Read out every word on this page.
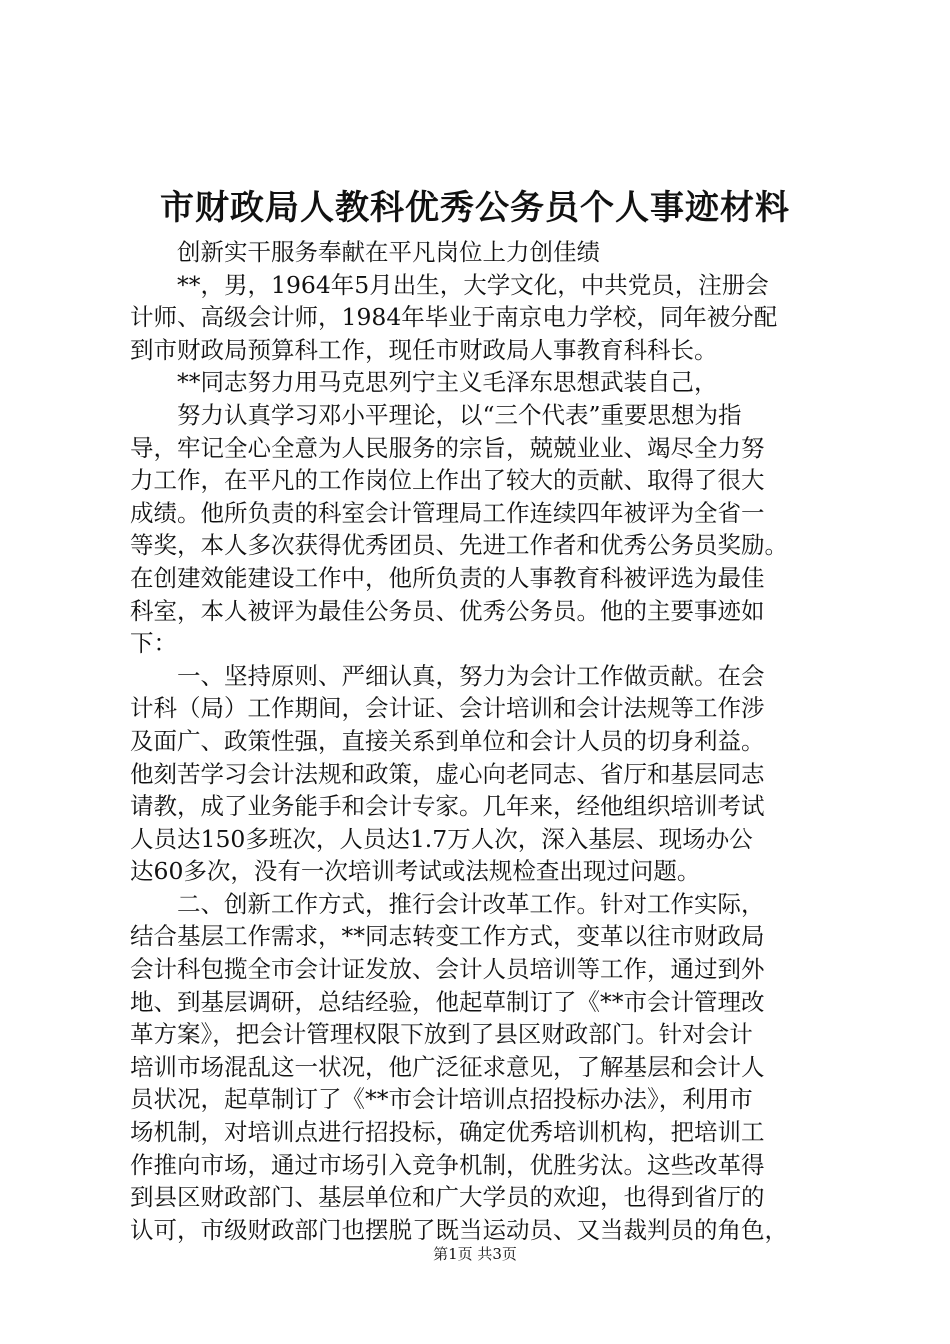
市财政局人教科优秀公务员个人事迹材料
创新实干服务奉献在平凡岗位上力创佳绩
**，男，1964年5月出生，大学文化，中共党员，注册会
计师、高级会计师，1984年毕业于南京电力学校，同年被分配
到市财政局预算科工作，现任市财政局人事教育科科长。
**同志努力用马克思列宁主义毛泽东思想武装自己，
努力认真学习邓小平理论，以“三个代表”重要思想为指
导，牢记全心全意为人民服务的宗旨，兢兢业业、竭尽全力努
力工作，在平凡的工作岗位上作出了较大的贡献、取得了很大
成绩。他所负责的科室会计管理局工作连续四年被评为全省一
等奖，本人多次获得优秀团员、先进工作者和优秀公务员奖励。
在创建效能建设工作中，他所负责的人事教育科被评选为最佳
科室，本人被评为最佳公务员、优秀公务员。他的主要事迹如
下：
一、坚持原则、严细认真，努力为会计工作做贡献。在会
计科（局）工作期间，会计证、会计培训和会计法规等工作涉
及面广、政策性强，直接关系到单位和会计人员的切身利益。
他刻苦学习会计法规和政策，虚心向老同志、省厅和基层同志
请教，成了业务能手和会计专家。几年来，经他组织培训考试
人员达150多班次，人员达1.7万人次，深入基层、现场办公
达60多次，没有一次培训考试或法规检查出现过问题。
二、创新工作方式，推行会计改革工作。针对工作实际，
结合基层工作需求，**同志转变工作方式，变革以往市财政局
会计科包揽全市会计证发放、会计人员培训等工作，通过到外
地、到基层调研，总结经验，他起草制订了《**市会计管理改
革方案》，把会计管理权限下放到了县区财政部门。针对会计
培训市场混乱这一状况，他广泛征求意见，了解基层和会计人
员状况，起草制订了《**市会计培训点招投标办法》，利用市
场机制，对培训点进行招投标，确定优秀培训机构，把培训工
作推向市场，通过市场引入竞争机制，优胜劣汰。这些改革得
到县区财政部门、基层单位和广大学员的欢迎，也得到省厅的
认可，市级财政部门也摆脱了既当运动员、又当裁判员的角色，
第1页 共3页
